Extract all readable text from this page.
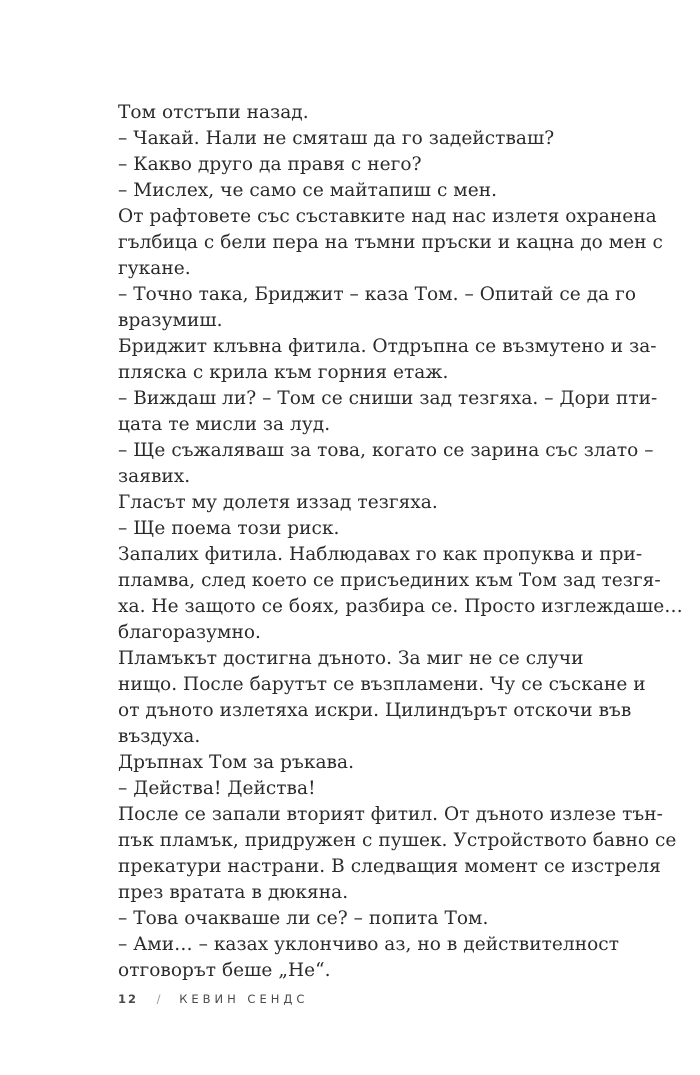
Том отстъпи назад.
– Чакай. Нали не смяташ да го задействаш?
– Какво друго да правя с него?
– Мислех, че само се майтапиш с мен.
От рафтовете със съставките над нас излетя охранена
гълбица с бели пера на тъмни пръски и кацна до мен с
гукане.
– Точно така, Бриджит – каза Том. – Опитай се да го
вразумиш.
Бриджит клъвна фитила. Отдръпна се възмутено и за-
пляска с крила към горния етаж.
– Виждаш ли? – Том се сниши зад тезгяха. – Дори пти-
цата те мисли за луд.
– Ще съжаляваш за това, когато се зарина със злато –
заявих.
Гласът му долетя иззад тезгяха.
– Ще поема този риск.
Запалих фитила. Наблюдавах го как пропуква и при-
пламва, след което се присъединих към Том зад тезгя-
ха. Не защото се боях, разбира се. Просто изглеждаше…
благоразумно.
Пламъкът достигна дъното. За миг не се случи
нищо. После барутът се възпламени. Чу се съскане и
от дъното излетяха искри. Цилиндърът отскочи във
въздуха.
Дръпнах Том за ръкава.
– Действа! Действа!
После се запали вторият фитил. От дъното излезе тън-
пък пламък, придружен с пушек. Устройството бавно се
прекатури настрани. В следващия момент се изстреля
през вратата в дюкяна.
– Това очакваше ли се? – попита Том.
– Ами… – казах уклончиво аз, но в действителност
отговорът беше „Не“.
12 / КЕВИН СЕНДС
